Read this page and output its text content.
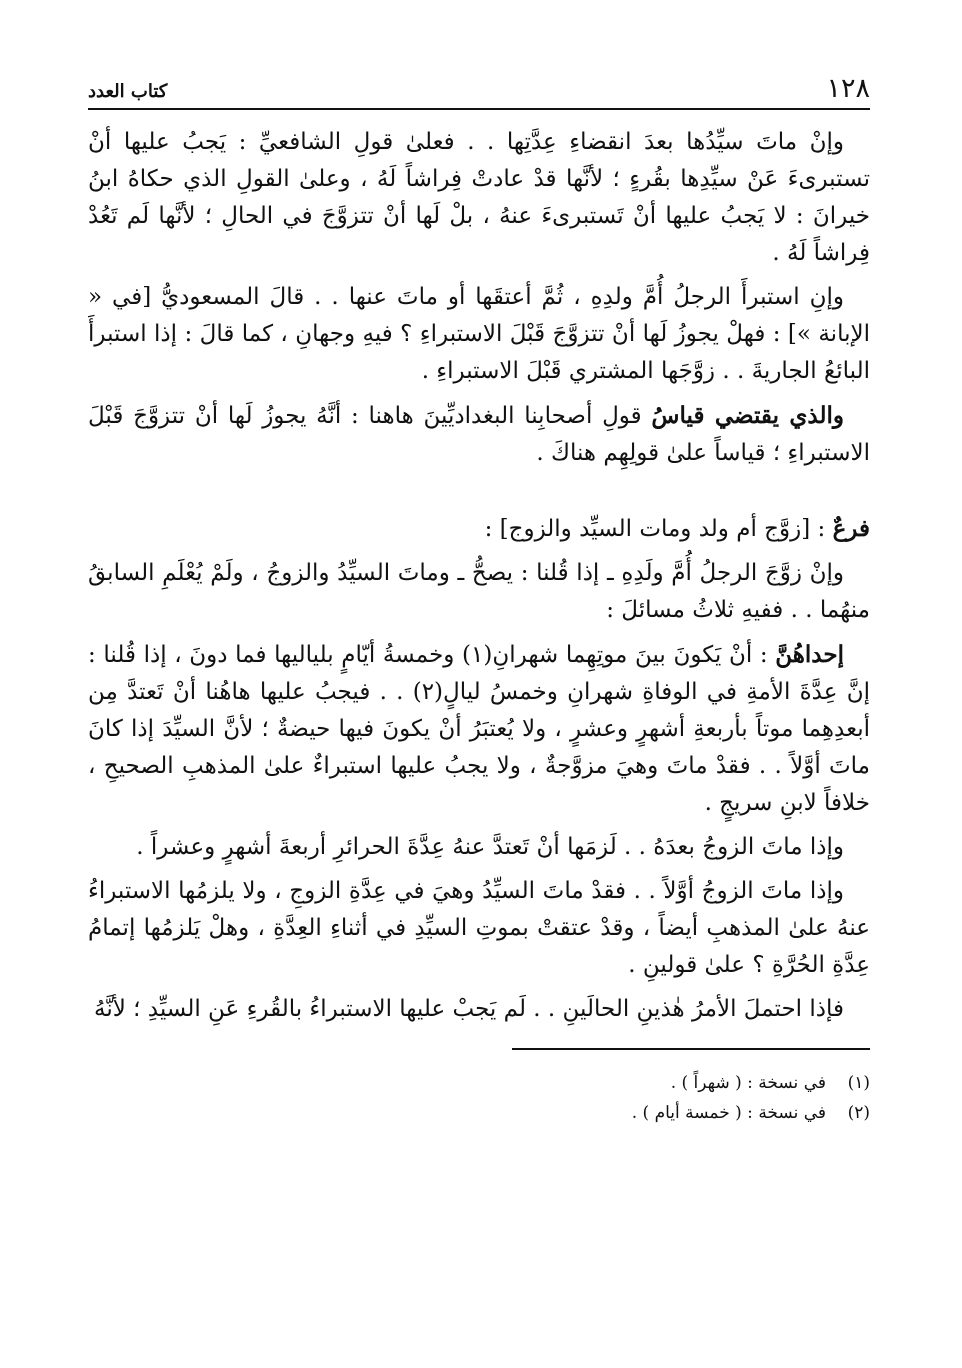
١٢٨
كتاب العدد

وإنْ ماتَ سيِّدُها بعدَ انقضاءِ عِدَّتِها . . فعلىٰ قولِ الشافعيِّ : يَجبُ عليها أنْ تستبرىءَ عَنْ سيِّدِها بقُرءٍ ؛ لأنَّها قدْ عادتْ فِراشاً لَهُ ، وعلىٰ القولِ الذي حكاهُ ابنُ خيرانَ : لا يَجبُ عليها أنْ تَستبرىءَ عنهُ ، بلْ لَها أنْ تتزوَّجَ في الحالِ ؛ لأنَّها لَم تَعُدْ فِراشاً لَهُ .

وإنِ استبرأَ الرجلُ أُمَّ ولدِهِ ، ثُمَّ أعتقَها أو ماتَ عنها . . قالَ المسعوديُّ [في « الإبانة »] : فهلْ يجوزُ لَها أنْ تتزوَّجَ قَبْلَ الاستبراءِ ؟ فيهِ وجهانِ ، كما قالَ : إذا استبرأَ البائعُ الجاريةَ . . زوَّجَها المشتري قَبْلَ الاستبراءِ .

والذي يقتضي قياسُ قولِ أصحابِنا البغداديِّينَ هاهنا : أنَّهُ يجوزُ لَها أنْ تتزوَّجَ قَبْلَ الاستبراءِ ؛ قياساً علىٰ قولِهِم هناكَ .

فرعٌ : [زوَّج أم ولد ومات السيِّد والزوج] :

وإنْ زوَّجَ الرجلُ أُمَّ ولَدِهِ ـ إذا قُلنا : يصحُّ ـ وماتَ السيِّدُ والزوجُ ، ولَمْ يُعْلَمِ السابقُ منهُما . . ففيهِ ثلاثُ مسائلَ :

إحداهُنَّ : أنْ يَكونَ بينَ موتِهِما شهرانِ(١) وخمسةُ أيّامٍ بلياليها فما دونَ ، إذا قُلنا : إنَّ عِدَّةَ الأمةِ في الوفاةِ شهرانِ وخمسُ ليالٍ(٢) . . فيجبُ عليها هاهُنا أنْ تَعتدَّ مِن أبعدِهِما موتاً بأربعةِ أشهرٍ وعشرٍ ، ولا يُعتبَرُ أنْ يكونَ فيها حيضةٌ ؛ لأنَّ السيِّدَ إذا كانَ ماتَ أوَّلاً . . فقدْ ماتَ وهيَ مزوَّجةٌ ، ولا يجبُ عليها استبراءٌ علىٰ المذهبِ الصحيحِ ، خلافاً لابنِ سريجٍ .

وإذا ماتَ الزوجُ بعدَهُ . . لَزمَها أنْ تَعتدَّ عنهُ عِدَّةَ الحرائرِ أربعةَ أشهرٍ وعشراً .

وإذا ماتَ الزوجُ أوَّلاً . . فقدْ ماتَ السيِّدُ وهيَ في عِدَّةِ الزوجِ ، ولا يلزمُها الاستبراءُ عنهُ علىٰ المذهبِ أيضاً ، وقدْ عتقتْ بموتِ السيِّدِ في أثناءِ العِدَّةِ ، وهلْ يَلزمُها إتمامُ عِدَّةِ الحُرَّةِ ؟ علىٰ قولينِ .

فإذا احتملَ الأمرُ هٰذينِ الحالَينِ . . لَم يَجبْ عليها الاستبراءُ بالقُرءِ عَنِ السيِّدِ ؛ لأنَّهُ

(١)في نسخة : ( شهراً ) .

(٢)في نسخة : ( خمسة أيام ) .
